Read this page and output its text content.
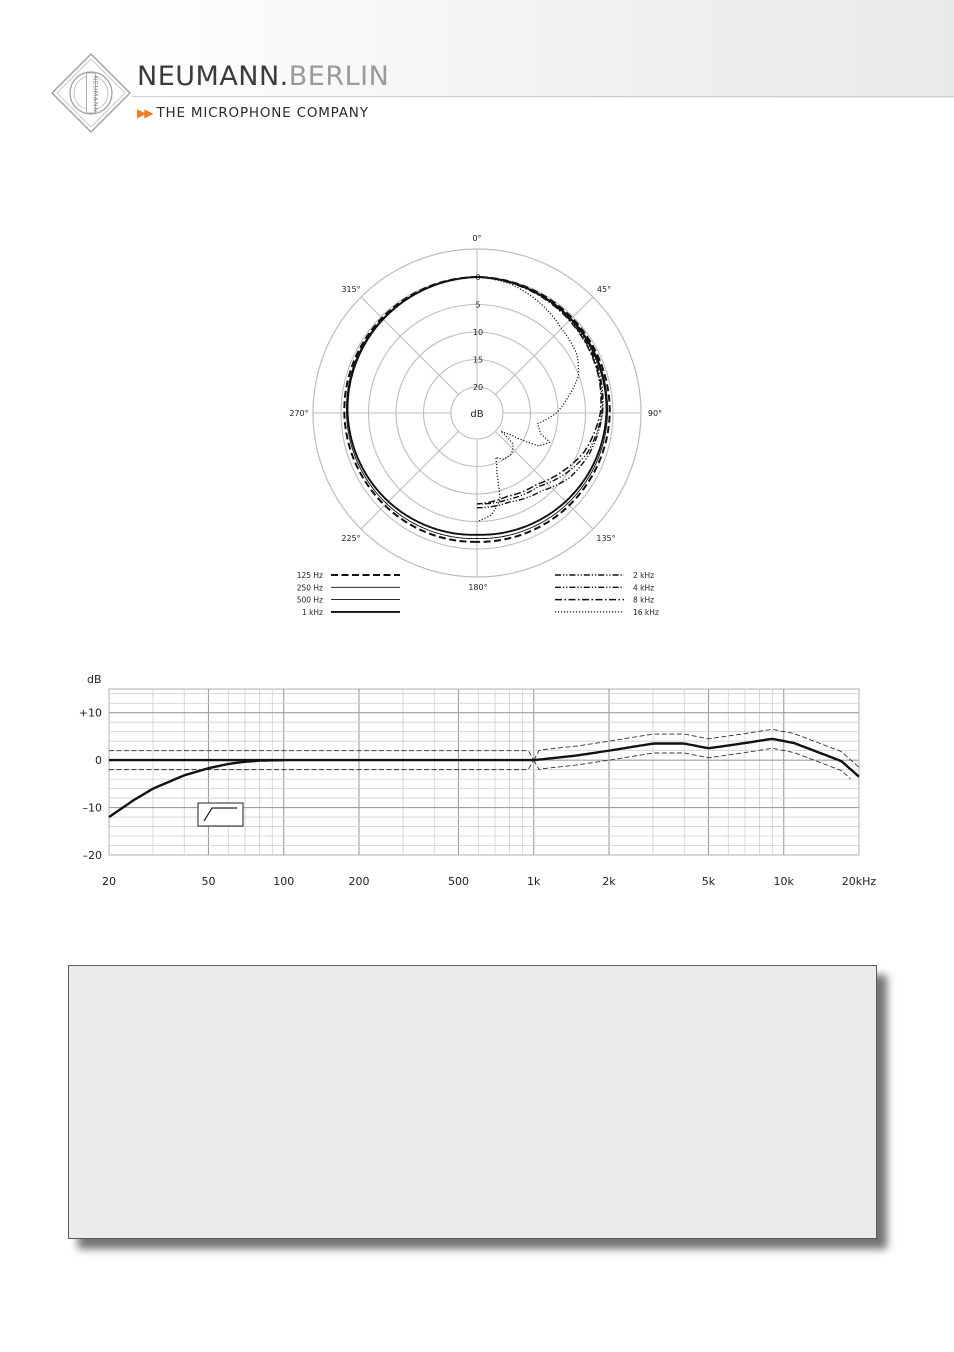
NEUMANN NEUMANN.BERLIN
▶▶ THE MICROPHONE COMPANY
dB
0
5
10
15
20
0°
45°
90°
135°
180°
225°
270°
315°
125 Hz
250 Hz
500 Hz
1 kHz
2 kHz
4 kHz
8 kHz
16 kHz
dB
+10
0
–10
–20
20	50	100	200	500	1k	2k	5k	10k	20kHz
